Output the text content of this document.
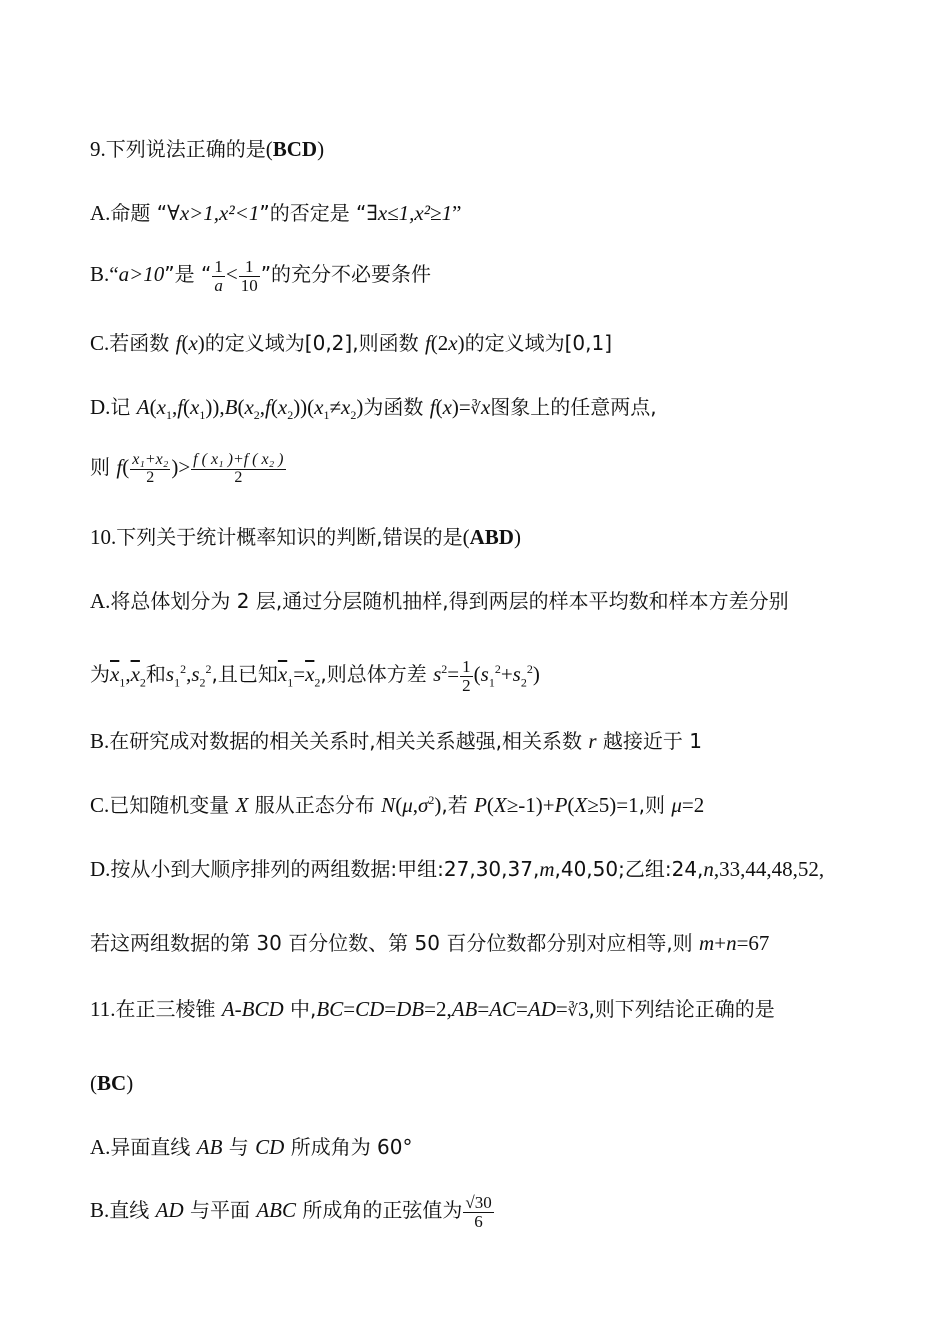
9.下列说法正确的是(BCD)
A.命题 “∀x>1,x²<1”的否定是 “∃x≤1,x²≥1”
B.“a>10”是 “ $\frac{1}{a} < \frac{1}{10}$ ”的充分不必要条件
C.若函数 f(x)的定义域为[0,2],则函数 f(2x)的定义域为[0,1]
D.记 $A(x_1,f(x_1)),B(x_2,f(x_2))(x_1\ne x_2)$为函数 f(x)=∛x图象上的任意两点,
则 $f( \frac{\text{x₁+x₂}}{2}$ )> $\frac{\text{f ( x₁ )+f ( x₂ )}}{2}$
10.下列关于统计概率知识的判断,错误的是(ABD)
A.将总体划分为 2 层,通过分层随机抽样,得到两层的样本平均数和样本方差分别
为$\overline{x}_1,\overline{x}_2$和$s_1^2,s_2^2$,且已知$\overline{x}_1=\overline{x}_2$,则总体方差 $s^2= \frac{1}{2} (s_1^2+s_2^2)$
B.在研究成对数据的相关关系时,相关关系越强,相关系数 r 越接近于 1
C.已知随机变量 X 服从正态分布 $N(\mu,\sigma^2)$,若 P(X≥-1)+P(X≥5)=1,则 μ=2
D.按从小到大顺序排列的两组数据:甲组:27,30,37,m,40,50;乙组:24,n,33,44,48,52,
若这两组数据的第 30 百分位数、第 50 百分位数都分别对应相等,则 m+n=67
11.在正三棱锥 A-BCD 中,BC=CD=DB=2,AB=AC=AD=∛3,则下列结论正确的是
(BC)
A.异面直线 AB 与 CD 所成角为 60°
B.直线 AD 与平面 ABC 所成角的正弦值为 $\frac{√30}{6}$
